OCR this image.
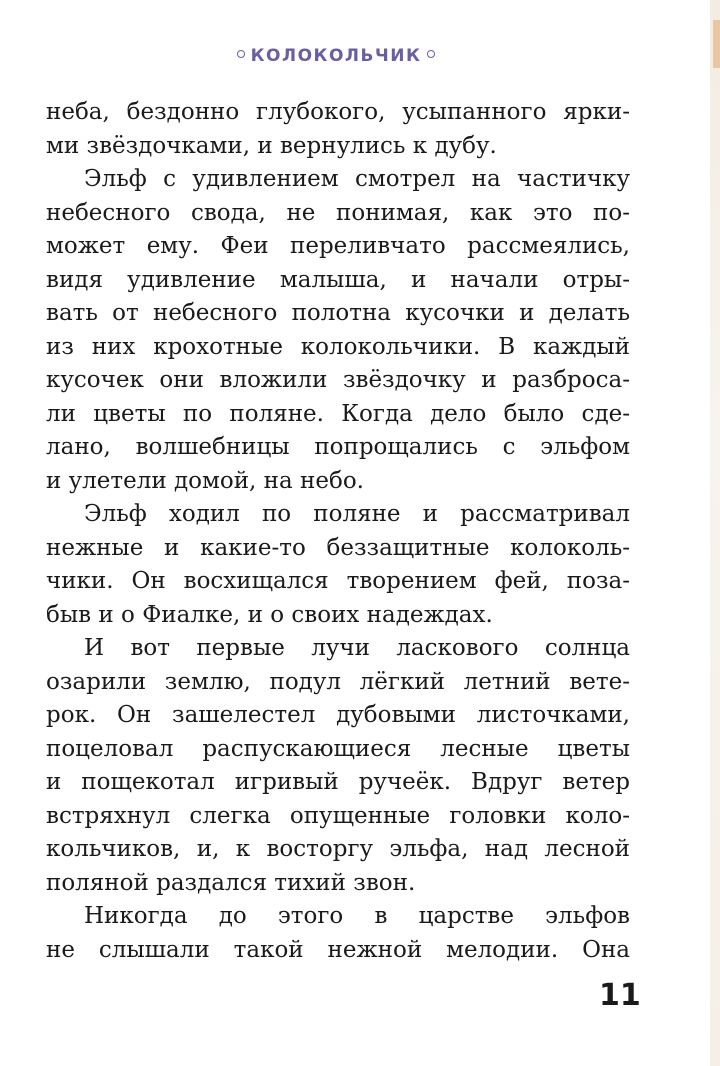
КОЛОКОЛЬЧИК
неба, бездонно глубокого, усыпанного ярки-
ми звёздочками, и вернулись к дубу.
Эльф с удивлением смотрел на частичку
небесного свода, не понимая, как это по-
может ему. Феи переливчато рассмеялись,
видя удивление малыша, и начали отры-
вать от небесного полотна кусочки и делать
из них крохотные колокольчики. В каждый
кусочек они вложили звёздочку и разброса-
ли цветы по поляне. Когда дело было сде-
лано, волшебницы попрощались с эльфом
и улетели домой, на небо.
Эльф ходил по поляне и рассматривал
нежные и какие-то беззащитные колоколь-
чики. Он восхищался творением фей, поза-
быв и о Фиалке, и о своих надеждах.
И вот первые лучи ласкового солнца
озарили землю, подул лёгкий летний вете-
рок. Он зашелестел дубовыми листочками,
поцеловал распускающиеся лесные цветы
и пощекотал игривый ручеёк. Вдруг ветер
встряхнул слегка опущенные головки коло-
кольчиков, и, к восторгу эльфа, над лесной
поляной раздался тихий звон.
Никогда до этого в царстве эльфов
не слышали такой нежной мелодии. Она
11
